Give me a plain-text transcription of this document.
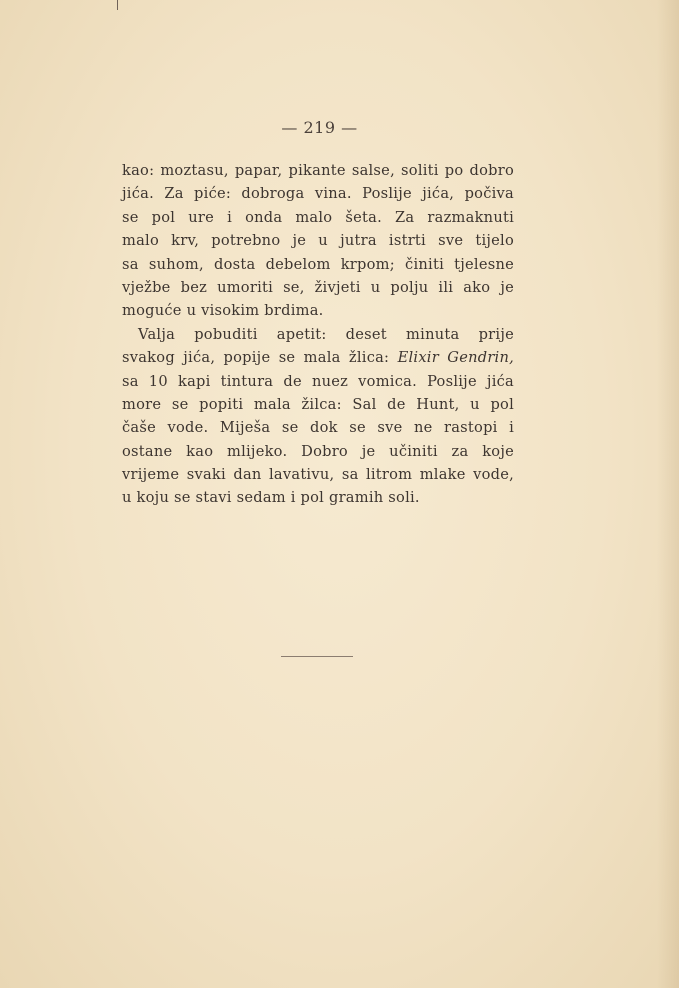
— 219 —
kao: moztasu, papar, pikante salse, soliti po dobro
jića. Za piće: dobroga vina. Poslije jića, počiva
se pol ure i onda malo šeta. Za razmaknuti
malo krv, potrebno je u jutra istrti sve tijelo
sa suhom, dosta debelom krpom; činiti tjelesne
vježbe bez umoriti se, živjeti u polju ili ako je
moguće u visokim brdima.
Valja pobuditi apetit: deset minuta prije
svakog jića, popije se mala žlica: Elixir Gendrin,
sa 10 kapi tintura de nuez vomica. Poslije jića
more se popiti mala žilca: Sal de Hunt, u pol
čaše vode. Miješa se dok se sve ne rastopi i
ostane kao mlijeko. Dobro je učiniti za koje
vrijeme svaki dan lavativu, sa litrom mlake vode,
u koju se stavi sedam i pol gramih soli.
